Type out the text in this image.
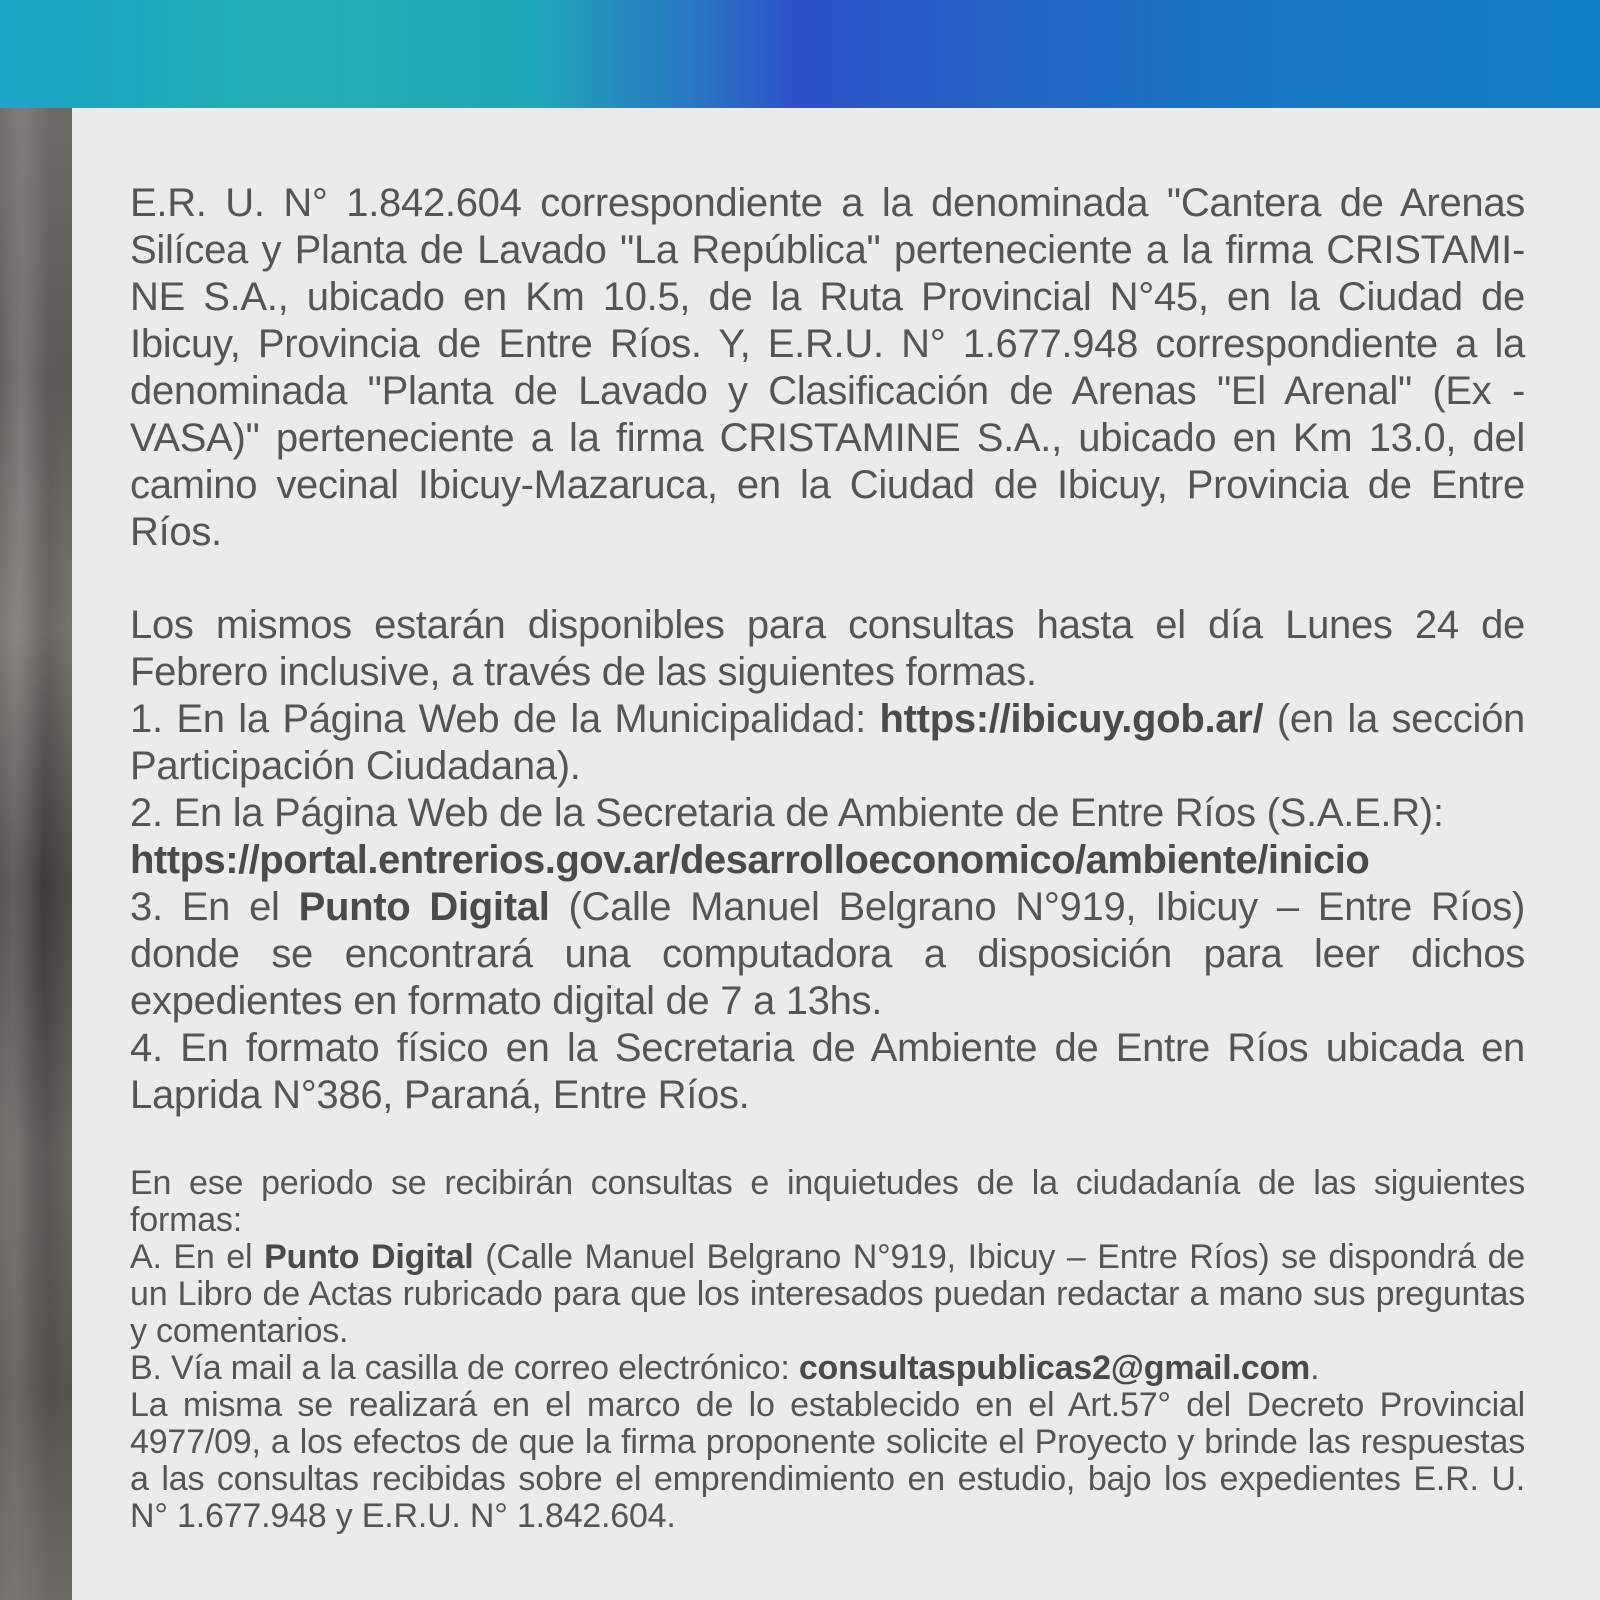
E.R. U. N° 1.842.604 correspondiente a la denominada "Cantera de Arenas Silícea y Planta de Lavado "La República" perteneciente a la firma CRISTAMI-NE S.A., ubicado en Km 10.5, de la Ruta Provincial N°45, en la Ciudad de Ibicuy, Provincia de Entre Ríos. Y, E.R.U. N° 1.677.948 correspondiente a la denominada "Planta de Lavado y Clasificación de Arenas "El Arenal" (Ex - VASA)" perteneciente a la firma CRISTAMINE S.A., ubicado en Km 13.0, del camino vecinal Ibicuy-Mazaruca, en la Ciudad de Ibicuy, Provincia de Entre Ríos.

Los mismos estarán disponibles para consultas hasta el día Lunes 24 de Febrero inclusive, a través de las siguientes formas.

1. En la Página Web de la Municipalidad: https://ibicuy.gob.ar/ (en la sección Participación Ciudadana).

2. En la Página Web de la Secretaria de Ambiente de Entre Ríos (S.A.E.R):
https://portal.entrerios.gov.ar/desarrolloeconomico/ambiente/inicio

3. En el Punto Digital (Calle Manuel Belgrano N°919, Ibicuy – Entre Ríos) donde se encontrará una computadora a disposición para leer dichos expedientes en formato digital de 7 a 13hs.

4. En formato físico en la Secretaria de Ambiente de Entre Ríos ubicada en Laprida N°386, Paraná, Entre Ríos.

En ese periodo se recibirán consultas e inquietudes de la ciudadanía de las siguientes formas:

A. En el Punto Digital (Calle Manuel Belgrano N°919, Ibicuy – Entre Ríos) se dispondrá de un Libro de Actas rubricado para que los interesados puedan redactar a mano sus preguntas y comentarios.

B. Vía mail a la casilla de correo electrónico: consultaspublicas2@gmail.com.

La misma se realizará en el marco de lo establecido en el Art.57° del Decreto Provincial 4977/09, a los efectos de que la firma proponente solicite el Proyecto y brinde las respuestas a las consultas recibidas sobre el emprendimiento en estudio, bajo los expedientes E.R. U. N° 1.677.948 y E.R.U. N° 1.842.604.
